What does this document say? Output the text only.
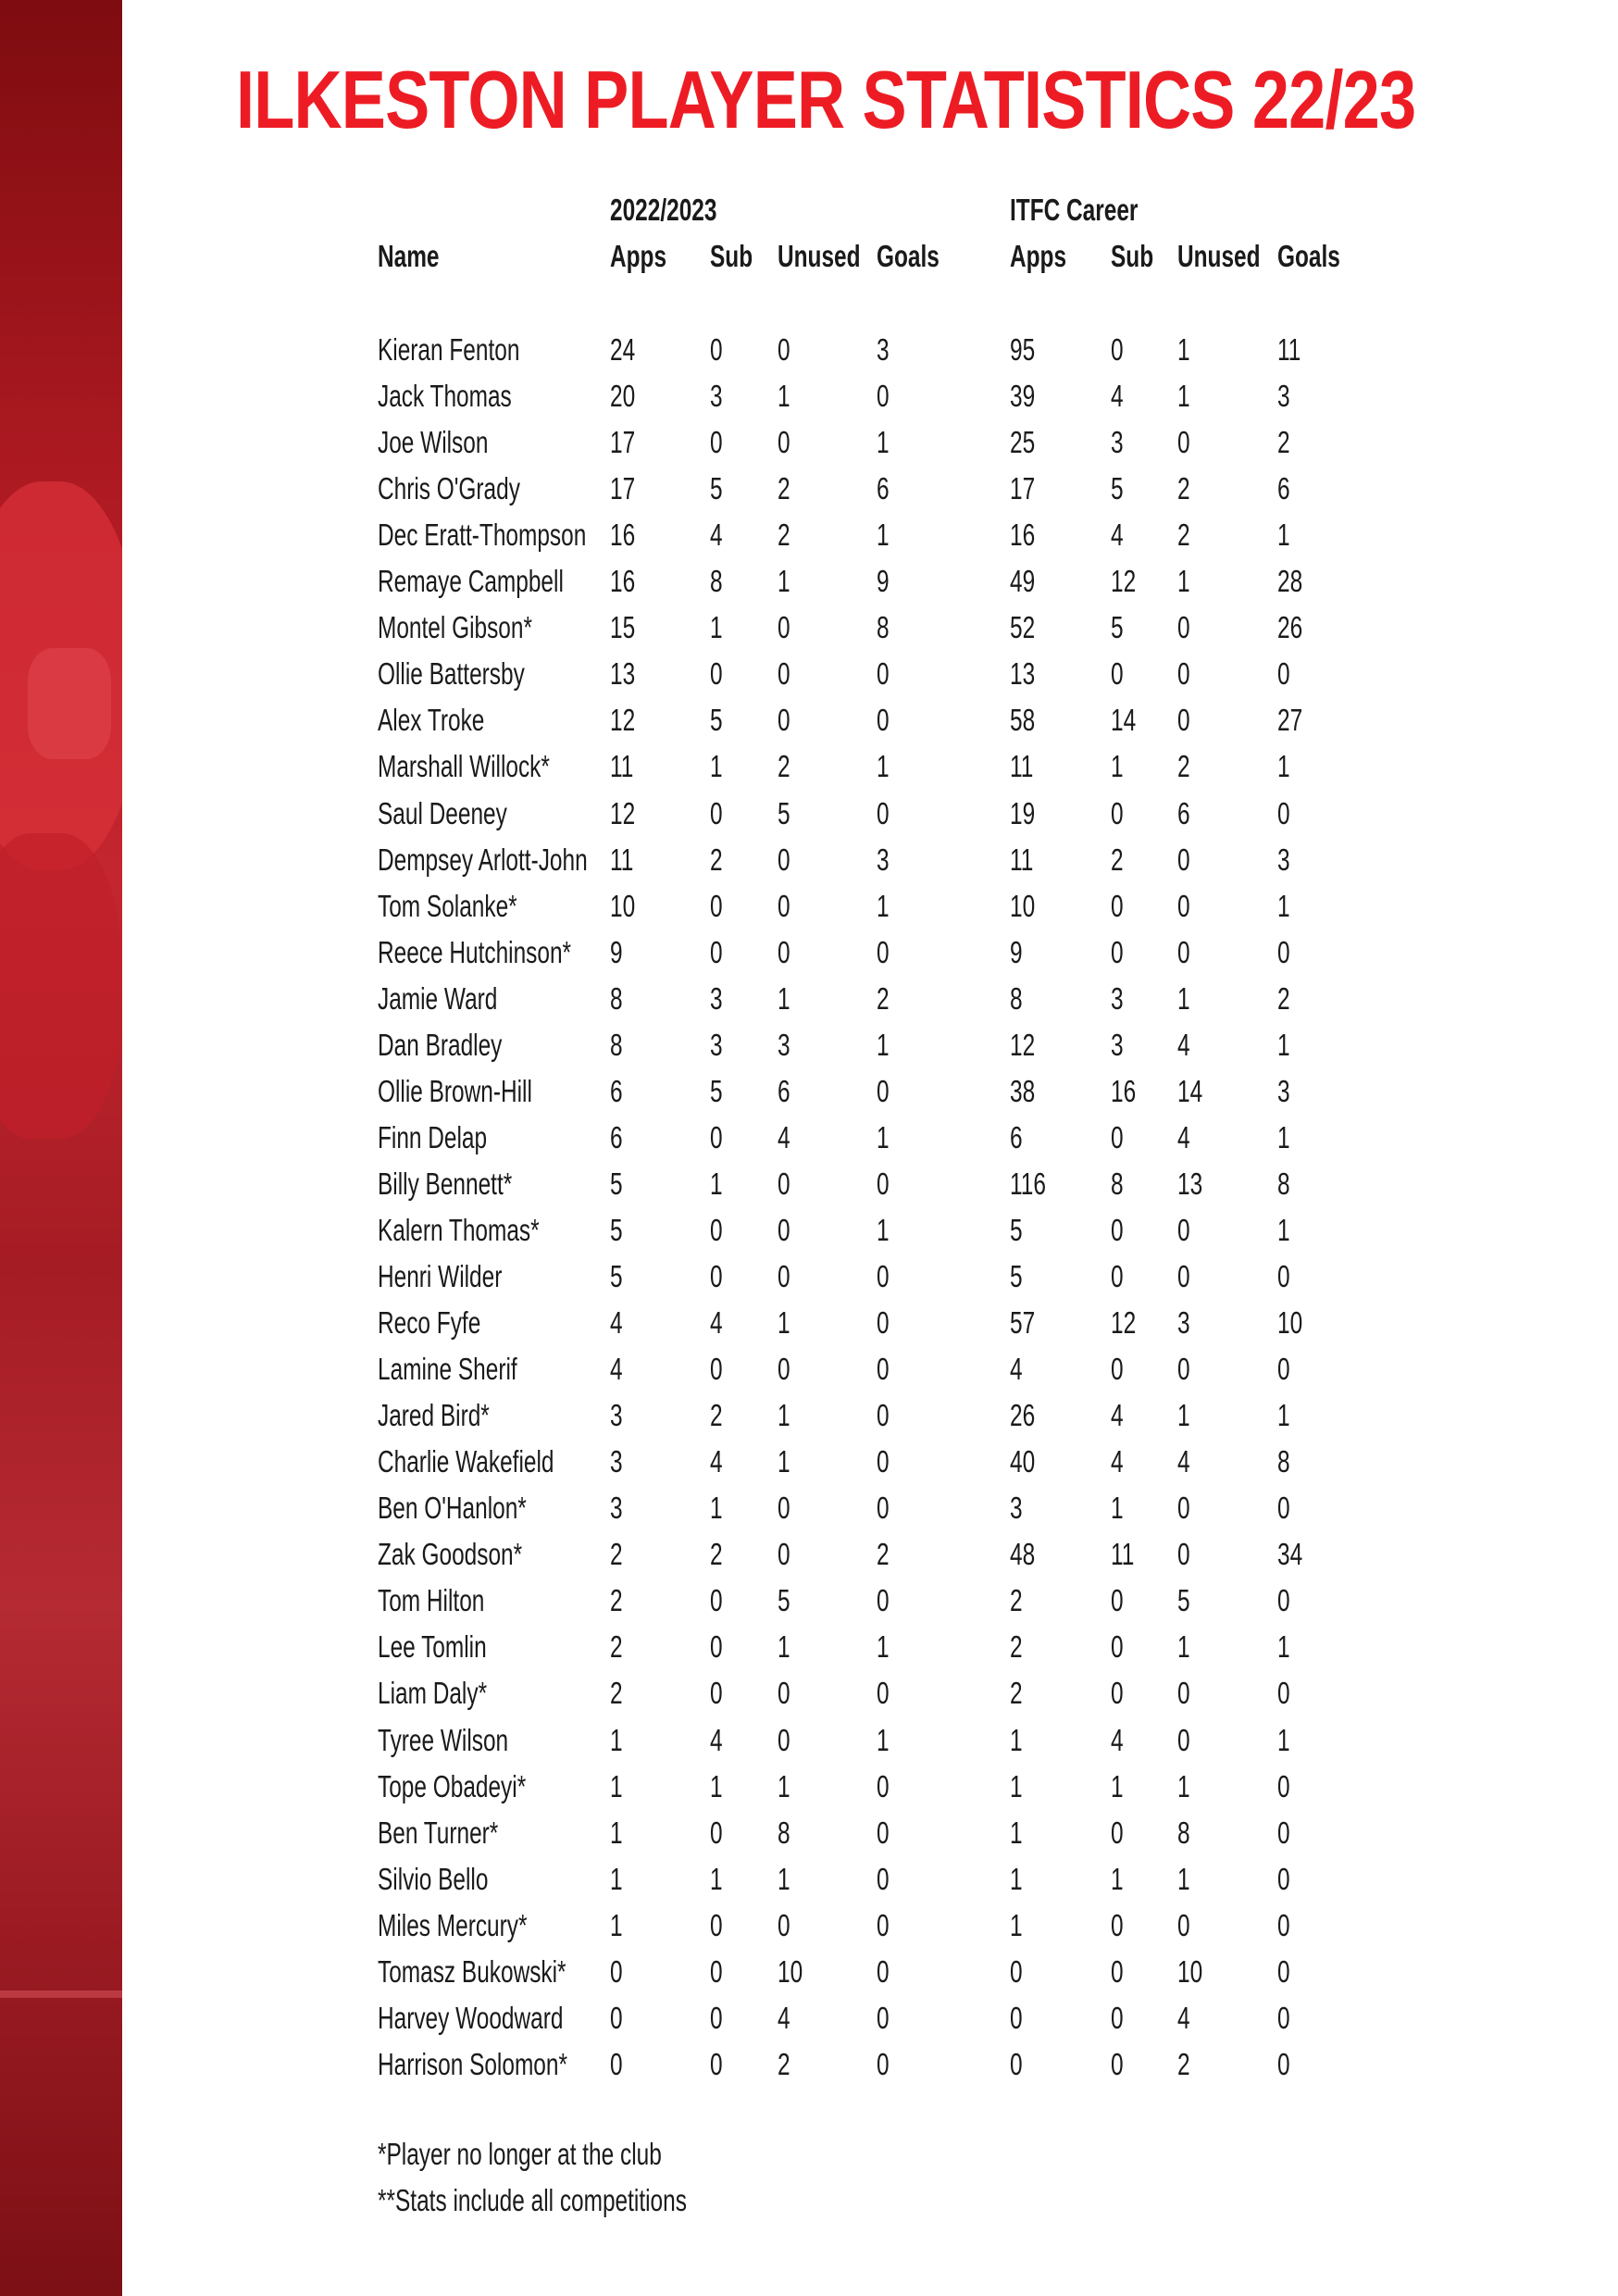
ILKESTON PLAYER STATISTICS 22/23
2022/2023	ITFC Career
Name	Apps Sub Unused Goals Apps Sub Unused Goals
Kieran Fenton	24 0 0	3	95 0 1	11
Jack Thomas	20 3 1	0	39 4 1	3
Joe Wilson	17 0 0	1	25 3 0	2
Chris O'Grady	17 5 2	6	17 5 2	6
Dec Eratt-Thompson 16 4 2	1	16 4 2	1
Remaye Campbell 16 8 1	9	49 12 1	28
Montel Gibson*	15 1 0	8	52 5 0	26
Ollie Battersby	13 0 0	0	13 0 0	0
Alex Troke	12 5 0	0	58 14 0	27
Marshall Willock* 11	1 2	1	11	1 2	1
Saul Deeney	12 0 5	0	19 0 6	0
Dempsey Arlott-John 11	2 0	3	11	2 0	3
Tom Solanke*	10 0 0	1	10 0 0	1
Reece Hutchinson* 9	0 0	0	9	0 0	0
Jamie Ward	8	3 1	2	8	3 1	2
Dan Bradley	8	3 3	1	12 3 4	1
Ollie Brown-Hill	6	5 6	0	38 16 14 3
Finn Delap	6	0 4	1	6	0 4	1
Billy Bennett*	5	1 0	0	116 8 13 8
Kalern Thomas* 5	0 0	1	5	0 0	1
Henri Wilder	5	0 0	0	5	0 0	0
Reco Fyfe	4	4 1	0	57 12 3	10
Lamine Sherif	4	0 0	0	4	0 0	0
Jared Bird*	3	2 1	0	26 4 1	1
Charlie Wakefield 3	4 1	0	40 4 4	8
Ben O'Hanlon*	3	1 0	0	3	1 0	0
Zak Goodson*	2	2 0	2	48 11 0	34
Tom Hilton	2	0 5	0	2	0 5	0
Lee Tomlin	2	0 1	1	2	0 1	1
Liam Daly*	2	0 0	0	2	0 0	0
Tyree Wilson	1	4 0	1	1	4 0	1
Tope Obadeyi*	1	1 1	0	1	1 1	0
Ben Turner*	1	0 8	0	1	0 8	0
Silvio Bello	1	1 1	0	1	1 1	0
Miles Mercury*	1	0 0	0	1	0 0	0
Tomasz Bukowski* 0	0 10 0	0	0 10 0
Harvey Woodward 0	0 4	0	0	0 4	0
Harrison Solomon* 0	0 2	0	0	0 2	0
*Player no longer at the club
**Stats include all competitions
